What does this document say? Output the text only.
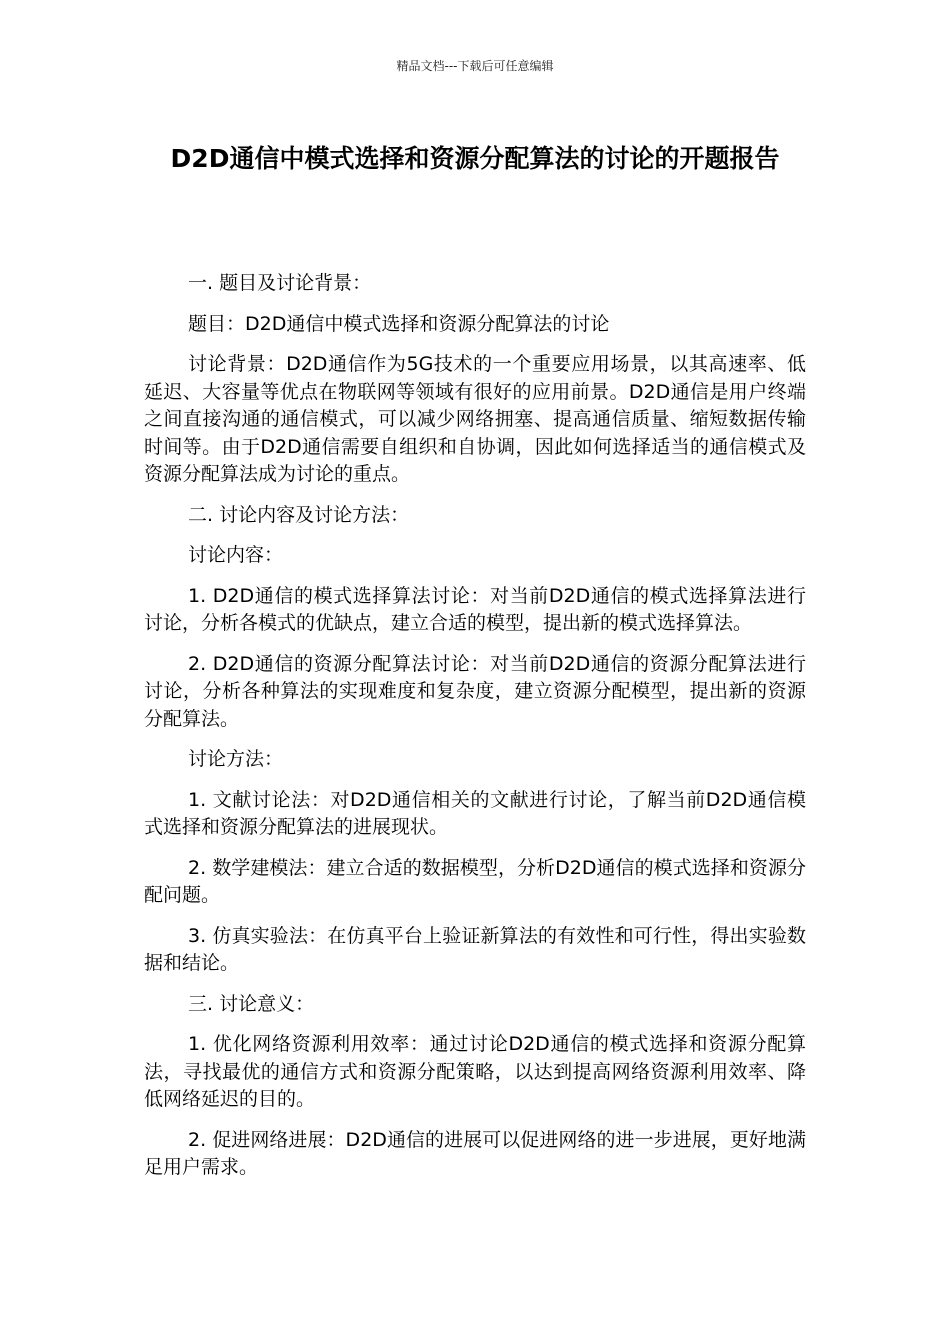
精品文档---下载后可任意编辑
D2D通信中模式选择和资源分配算法的讨论的开题报告

一. 题目及讨论背景：

题目：D2D通信中模式选择和资源分配算法的讨论

讨论背景：D2D通信作为5G技术的一个重要应用场景，以其高速率、低延迟、大容量等优点在物联网等领域有很好的应用前景。D2D通信是用户终端之间直接沟通的通信模式，可以减少网络拥塞、提高通信质量、缩短数据传输时间等。由于D2D通信需要自组织和自协调，因此如何选择适当的通信模式及资源分配算法成为讨论的重点。

二. 讨论内容及讨论方法：

讨论内容：

1. D2D通信的模式选择算法讨论：对当前D2D通信的模式选择算法进行讨论，分析各模式的优缺点，建立合适的模型，提出新的模式选择算法。

2. D2D通信的资源分配算法讨论：对当前D2D通信的资源分配算法进行讨论，分析各种算法的实现难度和复杂度，建立资源分配模型，提出新的资源分配算法。

讨论方法：

1. 文献讨论法：对D2D通信相关的文献进行讨论，了解当前D2D通信模式选择和资源分配算法的进展现状。

2. 数学建模法：建立合适的数据模型，分析D2D通信的模式选择和资源分配问题。

3. 仿真实验法：在仿真平台上验证新算法的有效性和可行性，得出实验数据和结论。

三. 讨论意义：

1. 优化网络资源利用效率：通过讨论D2D通信的模式选择和资源分配算法，寻找最优的通信方式和资源分配策略，以达到提高网络资源利用效率、降低网络延迟的目的。

2. 促进网络进展：D2D通信的进展可以促进网络的进一步进展，更好地满足用户需求。
